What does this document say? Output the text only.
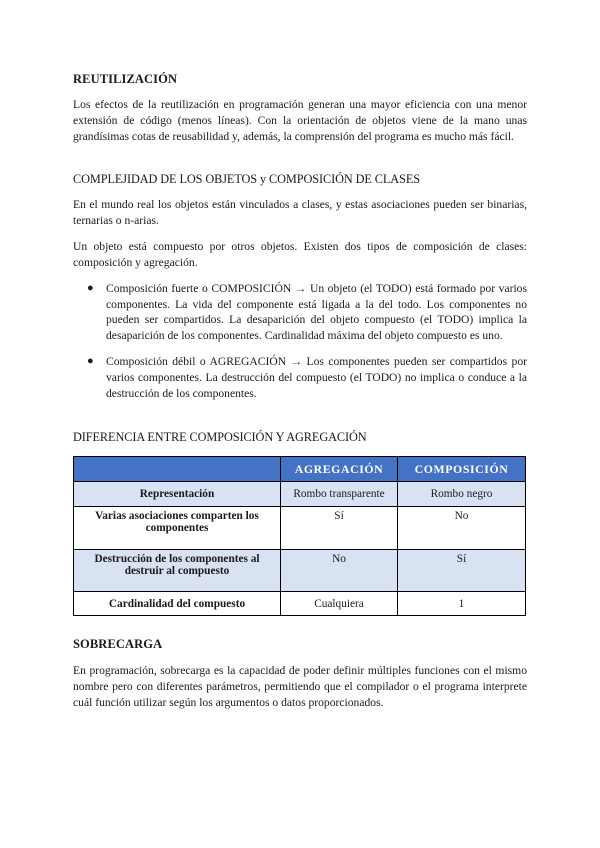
REUTILIZACIÓN
Los efectos de la reutilización en programación generan una mayor eficiencia con una menor extensión de código (menos líneas). Con la orientación de objetos viene de la mano unas grandísimas cotas de reusabilidad y, además, la comprensión del programa es mucho más fácil.
COMPLEJIDAD DE LOS OBJETOS y COMPOSICIÓN DE CLASES
En el mundo real los objetos están vinculados a clases, y estas asociaciones pueden ser binarias, ternarias o n-arias.
Un objeto está compuesto por otros objetos. Existen dos tipos de composición de clases: composición y agregación.
● Composición fuerte o COMPOSICIÓN → Un objeto (el TODO) está formado por varios componentes. La vida del componente está ligada a la del todo. Los componentes no pueden ser compartidos. La desaparición del objeto compuesto (el TODO) implica la desaparición de los componentes. Cardinalidad máxima del objeto compuesto es uno.
● Composición débil o AGREGACIÓN → Los componentes pueden ser compartidos por varios componentes. La destrucción del compuesto (el TODO) no implica o conduce a la destrucción de los componentes.
DIFERENCIA ENTRE COMPOSICIÓN Y AGREGACIÓN
	AGREGACIÓN	COMPOSICIÓN
Representación	Rombo transparente	Rombo negro
Varias asociaciones comparten los componentes	Sí	No
Destrucción de los componentes al destruir al compuesto	No	Sí
Cardinalidad del compuesto	Cualquiera	1
SOBRECARGA
En programación, sobrecarga es la capacidad de poder definir múltiples funciones con el mismo nombre pero con diferentes parámetros, permitiendo que el compilador o el programa interprete cuál función utilizar según los argumentos o datos proporcionados.
